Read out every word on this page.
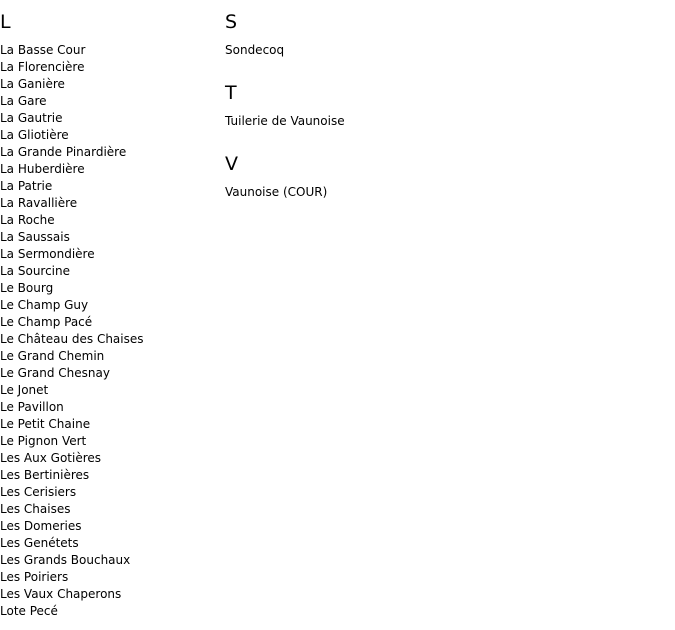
L
La Basse Cour
La Florencière
La Ganière
La Gare
La Gautrie
La Gliotière
La Grande Pinardière
La Huberdière
La Patrie
La Ravallière
La Roche
La Saussais
La Sermondière
La Sourcine
Le Bourg
Le Champ Guy
Le Champ Pacé
Le Château des Chaises
Le Grand Chemin
Le Grand Chesnay
Le Jonet
Le Pavillon
Le Petit Chaine
Le Pignon Vert
Les Aux Gotières
Les Bertinières
Les Cerisiers
Les Chaises
Les Domeries
Les Genétets
Les Grands Bouchaux
Les Poiriers
Les Vaux Chaperons
Lote Pecé
S
Sondecoq
T
Tuilerie de Vaunoise
V
Vaunoise (COUR)
